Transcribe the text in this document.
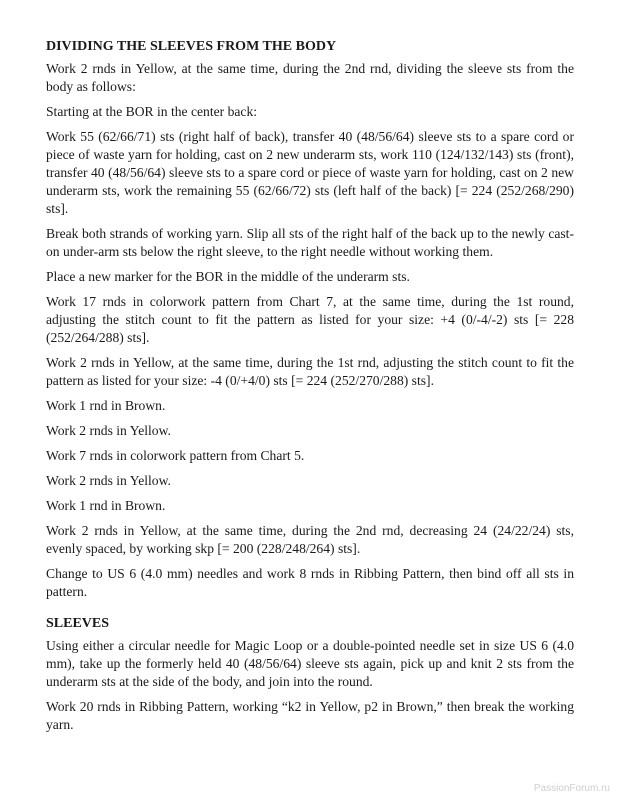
DIVIDING THE SLEEVES FROM THE BODY

Work 2 rnds in Yellow, at the same time, during the 2nd rnd, dividing the sleeve sts from the body as follows:

Starting at the BOR in the center back:

Work 55 (62/66/71) sts (right half of back), transfer 40 (48/56/64) sleeve sts to a spare cord or piece of waste yarn for holding, cast on 2 new underarm sts, work 110 (124/132/143) sts (front), transfer 40 (48/56/64) sleeve sts to a spare cord or piece of waste yarn for holding, cast on 2 new underarm sts, work the remaining 55 (62/66/72) sts (left half of the back) [= 224 (252/268/290) sts].

Break both strands of working yarn. Slip all sts of the right half of the back up to the newly cast-on under-arm sts below the right sleeve, to the right needle without working them.

Place a new marker for the BOR in the middle of the underarm sts.

Work 17 rnds in colorwork pattern from Chart 7, at the same time, during the 1st round, adjusting the stitch count to fit the pattern as listed for your size: +4 (0/-4/-2) sts [= 228 (252/264/288) sts].

Work 2 rnds in Yellow, at the same time, during the 1st rnd, adjusting the stitch count to fit the pattern as listed for your size: -4 (0/+4/0) sts [= 224 (252/270/288) sts].

Work 1 rnd in Brown.

Work 2 rnds in Yellow.

Work 7 rnds in colorwork pattern from Chart 5.

Work 2 rnds in Yellow.

Work 1 rnd in Brown.

Work 2 rnds in Yellow, at the same time, during the 2nd rnd, decreasing 24 (24/22/24) sts, evenly spaced, by working skp [= 200 (228/248/264) sts].

Change to US 6 (4.0 mm) needles and work 8 rnds in Ribbing Pattern, then bind off all sts in pattern.

SLEEVES

Using either a circular needle for Magic Loop or a double-pointed needle set in size US 6 (4.0 mm), take up the formerly held 40 (48/56/64) sleeve sts again, pick up and knit 2 sts from the underarm sts at the side of the body, and join into the round.

Work 20 rnds in Ribbing Pattern, working “k2 in Yellow, p2 in Brown,” then break the working yarn.

PassionForum.ru
